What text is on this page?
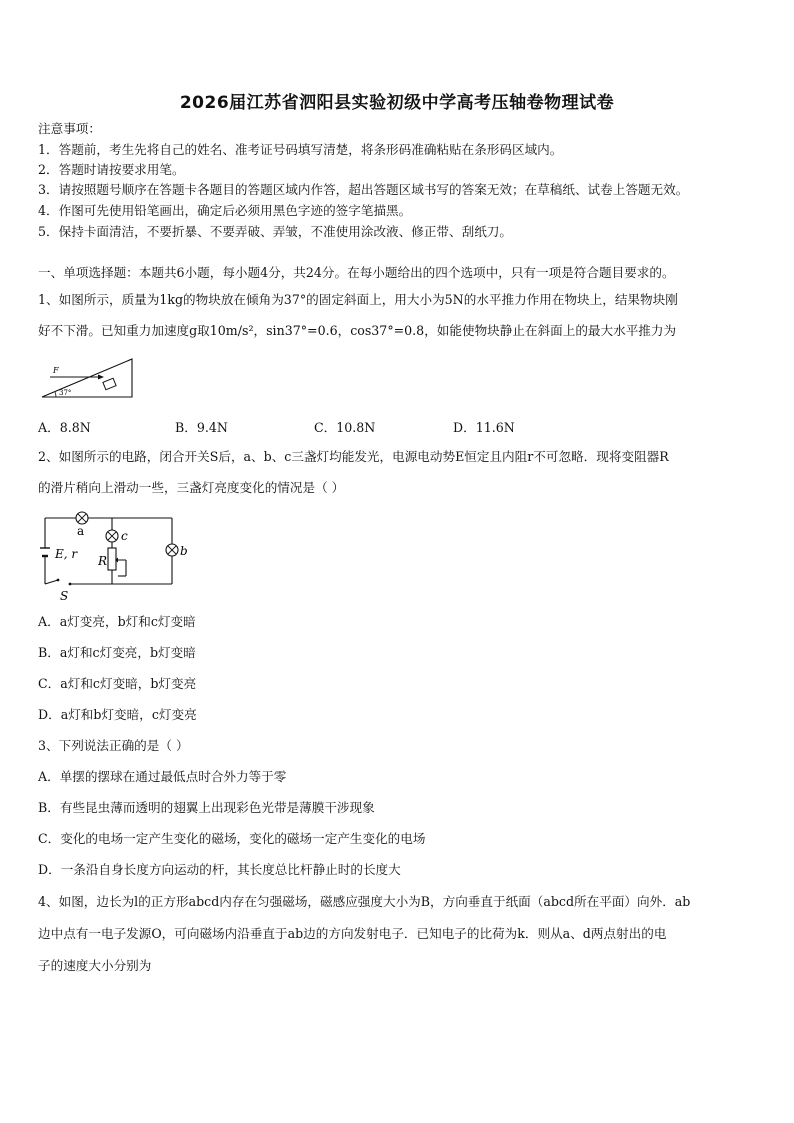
2026届江苏省泗阳县实验初级中学高考压轴卷物理试卷
注意事项：
1．答题前，考生先将自己的姓名、准考证号码填写清楚，将条形码准确粘贴在条形码区域内。
2．答题时请按要求用笔。
3．请按照题号顺序在答题卡各题目的答题区域内作答，超出答题区域书写的答案无效；在草稿纸、试卷上答题无效。
4．作图可先使用铅笔画出，确定后必须用黑色字迹的签字笔描黑。
5．保持卡面清洁，不要折暴、不要弄破、弄皱，不准使用涂改液、修正带、刮纸刀。
一、单项选择题：本题共6小题，每小题4分，共24分。在每小题给出的四个选项中，只有一项是符合题目要求的。
1、如图所示，质量为1kg的物块放在倾角为37°的固定斜面上，用大小为5N的水平推力作用在物块上，结果物块刚
好不下滑。已知重力加速度g取10m/s²，sin37°=0.6，cos37°=0.8，如能使物块静止在斜面上的最大水平推力为
F
37°
A．8.8N	B．9.4N	C．10.8N	D．11.6N
2、如图所示的电路，闭合开关S后，a、b、c三盏灯均能发光，电源电动势E恒定且内阻r不可忽略．现将变阻器R
的滑片稍向上滑动一些，三盏灯亮度变化的情况是（ ）
a	c
b
E, r R
S
A．a灯变亮，b灯和c灯变暗
B．a灯和c灯变亮，b灯变暗
C．a灯和c灯变暗，b灯变亮
D．a灯和b灯变暗，c灯变亮
3、下列说法正确的是（ ）
A．单摆的摆球在通过最低点时合外力等于零
B．有些昆虫薄而透明的翅翼上出现彩色光带是薄膜干涉现象
C．变化的电场一定产生变化的磁场，变化的磁场一定产生变化的电场
D．一条沿自身长度方向运动的杆，其长度总比杆静止时的长度大
4、如图，边长为l的正方形abcd内存在匀强磁场，磁感应强度大小为B，方向垂直于纸面（abcd所在平面）向外．ab
边中点有一电子发源O，可向磁场内沿垂直于ab边的方向发射电子．已知电子的比荷为k．则从a、d两点射出的电
子的速度大小分别为
